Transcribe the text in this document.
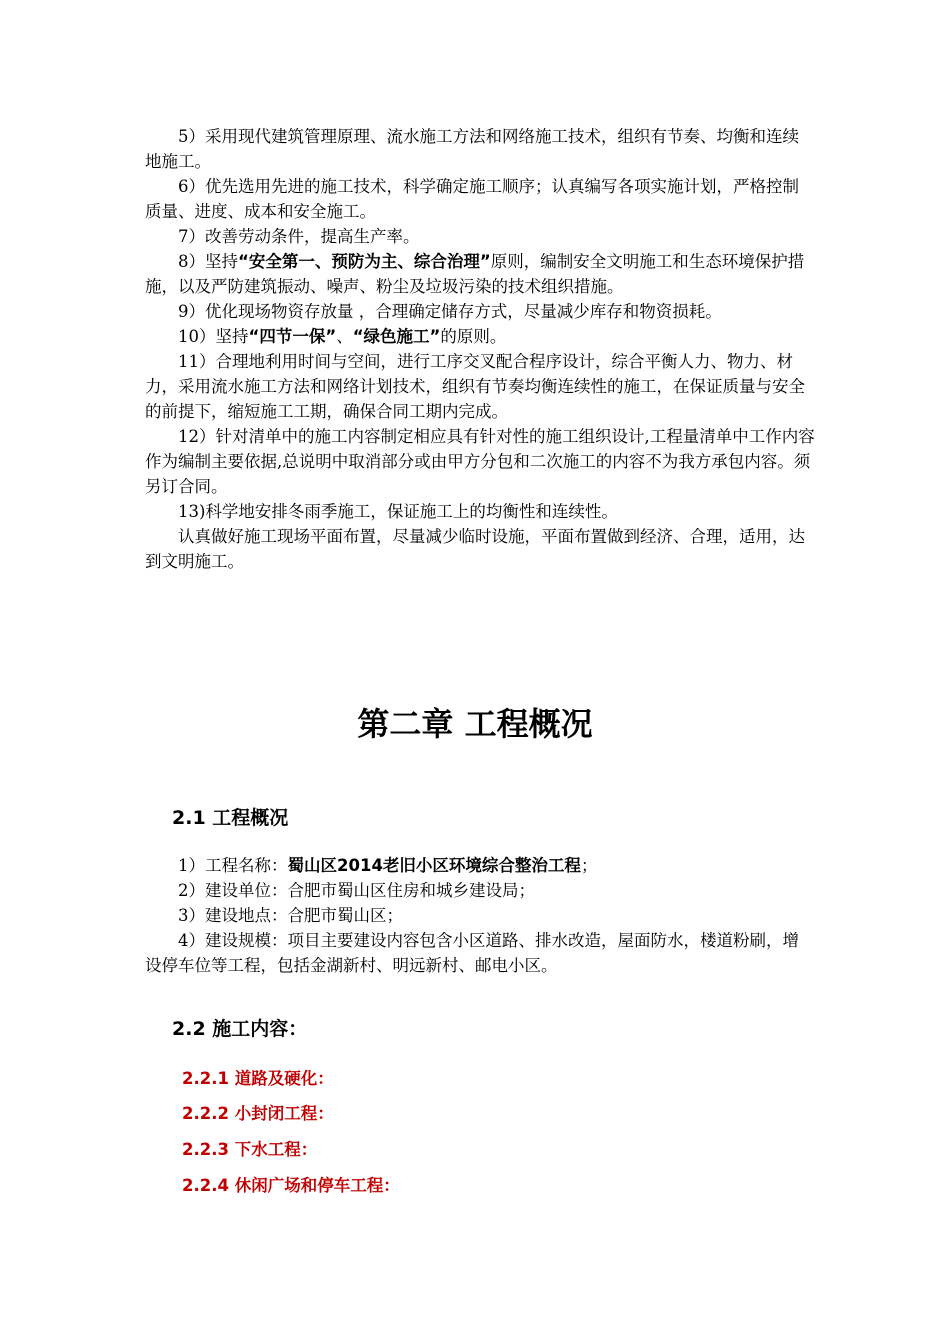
5）采用现代建筑管理原理、流水施工方法和网络施工技术，组织有节奏、均衡和连续地施工。

6）优先选用先进的施工技术，科学确定施工顺序；认真编写各项实施计划，严格控制质量、进度、成本和安全施工。

7）改善劳动条件，提高生产率。

8）坚持“安全第一、预防为主、综合治理”原则，编制安全文明施工和生态环境保护措施，以及严防建筑振动、噪声、粉尘及垃圾污染的技术组织措施。

9）优化现场物资存放量 ，合理确定储存方式，尽量减少库存和物资损耗。

10）坚持“四节一保”、“绿色施工”的原则。

11）合理地利用时间与空间，进行工序交叉配合程序设计，综合平衡人力、物力、材力，采用流水施工方法和网络计划技术，组织有节奏均衡连续性的施工，在保证质量与安全的前提下，缩短施工工期，确保合同工期内完成。

12）针对清单中的施工内容制定相应具有针对性的施工组织设计,工程量清单中工作内容作为编制主要依据,总说明中取消部分或由甲方分包和二次施工的内容不为我方承包内容。须另订合同。

13)科学地安排冬雨季施工，保证施工上的均衡性和连续性。

认真做好施工现场平面布置，尽量减少临时设施，平面布置做到经济、合理，适用，达到文明施工。

第二章 工程概况
2.1 工程概况

1）工程名称：蜀山区2014老旧小区环境综合整治工程；

2）建设单位：合肥市蜀山区住房和城乡建设局；

3）建设地点：合肥市蜀山区；

4）建设规模：项目主要建设内容包含小区道路、排水改造，屋面防水，楼道粉刷，增设停车位等工程，包括金湖新村、明远新村、邮电小区。

2.2 施工内容：
2.2.1 道路及硬化：
2.2.2 小封闭工程：
2.2.3 下水工程：
2.2.4 休闲广场和停车工程：
